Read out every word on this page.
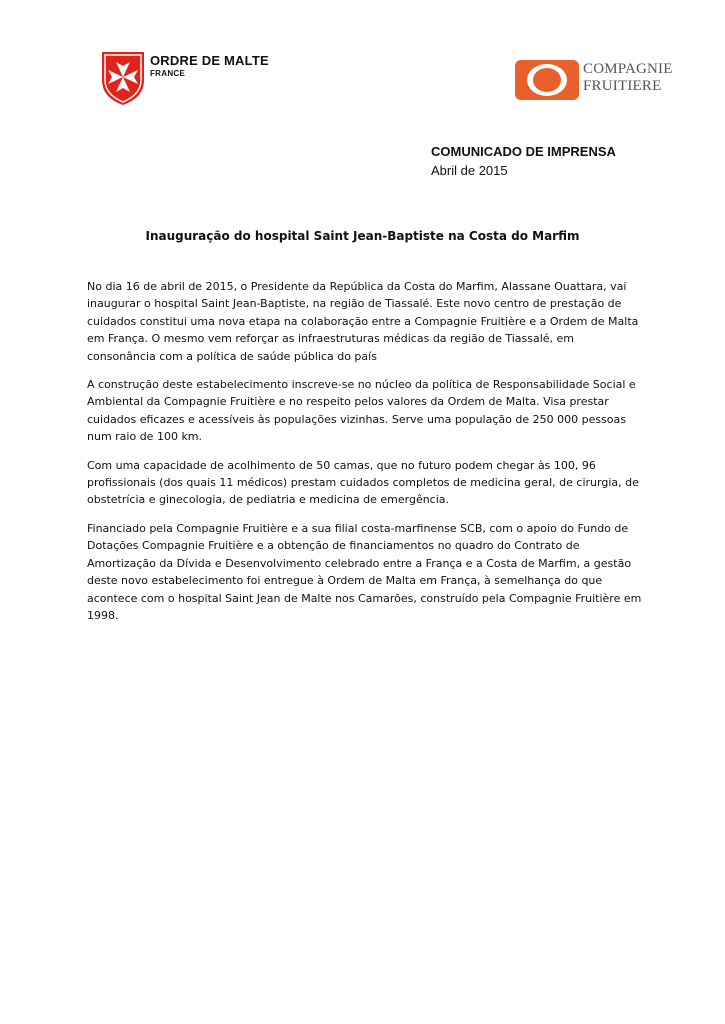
ORDRE DE MALTE
FRANCE	COMPAGNIE
FRUITIERE
COMUNICADO DE IMPRENSA
Abril de 2015
Inauguração do hospital Saint Jean-Baptiste na Costa do Marfim

No dia 16 de abril de 2015, o Presidente da República da Costa do Marfim, Alassane Ouattara, vai inaugurar o hospital Saint Jean-Baptiste, na região de Tiassalé. Este novo centro de prestação de cuidados constitui uma nova etapa na colaboração entre a Compagnie Fruitière e a Ordem de Malta em França. O mesmo vem reforçar as infraestruturas médicas da região de Tiassalé, em consonância com a política de saúde pública do país

A construção deste estabelecimento inscreve-se no núcleo da política de Responsabilidade Social e Ambiental da Compagnie Fruitière e no respeito pelos valores da Ordem de Malta. Visa prestar cuidados eficazes e acessíveis às populações vizinhas. Serve uma população de 250 000 pessoas num raio de 100 km.

Com uma capacidade de acolhimento de 50 camas, que no futuro podem chegar às 100, 96 profissionais (dos quais 11 médicos) prestam cuidados completos de medicina geral, de cirurgia, de obstetrícia e ginecologia, de pediatria e medicina de emergência.

Financiado pela Compagnie Fruitière e a sua filial costa-marfinense SCB, com o apoio do Fundo de Dotações Compagnie Fruitière e a obtenção de financiamentos no quadro do Contrato de Amortização da Dívida e Desenvolvimento celebrado entre a França e a Costa de Marfim, a gestão deste novo estabelecimento foi entregue à Ordem de Malta em França, à semelhança do que acontece com o hospital Saint Jean de Malte nos Camarões, construído pela Compagnie Fruitière em 1998.
